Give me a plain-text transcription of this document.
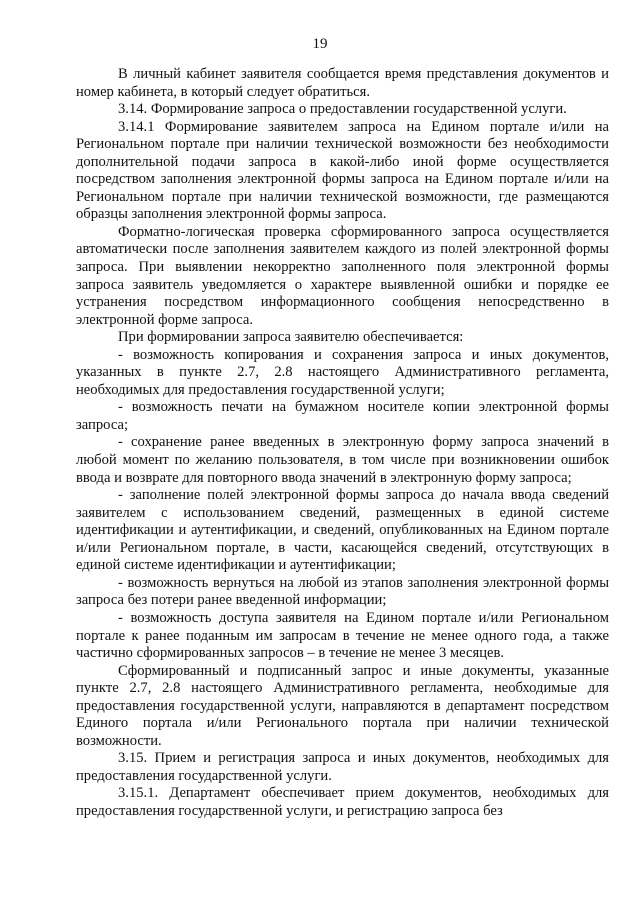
19

В личный кабинет заявителя сообщается время представления документов и номер кабинета, в который следует обратиться.

3.14. Формирование запроса о предоставлении государственной услуги.

3.14.1 Формирование заявителем запроса на Едином портале и/или на Региональном портале при наличии технической возможности без необходимости дополнительной подачи запроса в какой-либо иной форме осуществляется посредством заполнения электронной формы запроса на Едином портале и/или на Региональном портале при наличии технической возможности, где размещаются образцы заполнения электронной формы запроса.

Форматно-логическая проверка сформированного запроса осуществляется автоматически после заполнения заявителем каждого из полей электронной формы запроса. При выявлении некорректно заполненного поля электронной формы запроса заявитель уведомляется о характере выявленной ошибки и порядке ее устранения посредством информационного сообщения непосредственно в электронной форме запроса.

При формировании запроса заявителю обеспечивается:

- возможность копирования и сохранения запроса и иных документов, указанных в пункте 2.7, 2.8 настоящего Административного регламента, необходимых для предоставления государственной услуги;

- возможность печати на бумажном носителе копии электронной формы запроса;

- сохранение ранее введенных в электронную форму запроса значений в любой момент по желанию пользователя, в том числе при возникновении ошибок ввода и возврате для повторного ввода значений в электронную форму запроса;

- заполнение полей электронной формы запроса до начала ввода сведений заявителем с использованием сведений, размещенных в единой системе идентификации и аутентификации, и сведений, опубликованных на Едином портале и/или Региональном портале, в части, касающейся сведений, отсутствующих в единой системе идентификации и аутентификации;

- возможность вернуться на любой из этапов заполнения электронной формы запроса без потери ранее введенной информации;

- возможность доступа заявителя на Едином портале и/или Региональном портале к ранее поданным им запросам в течение не менее одного года, а также частично сформированных запросов – в течение не менее 3 месяцев.

Сформированный и подписанный запрос и иные документы, указанные пункте 2.7, 2.8 настоящего Административного регламента, необходимые для предоставления государственной услуги, направляются в департамент посредством Единого портала и/или Регионального портала при наличии технической возможности.

3.15. Прием и регистрация запроса и иных документов, необходимых для предоставления государственной услуги.

3.15.1. Департамент обеспечивает прием документов, необходимых для предоставления государственной услуги, и регистрацию запроса без
